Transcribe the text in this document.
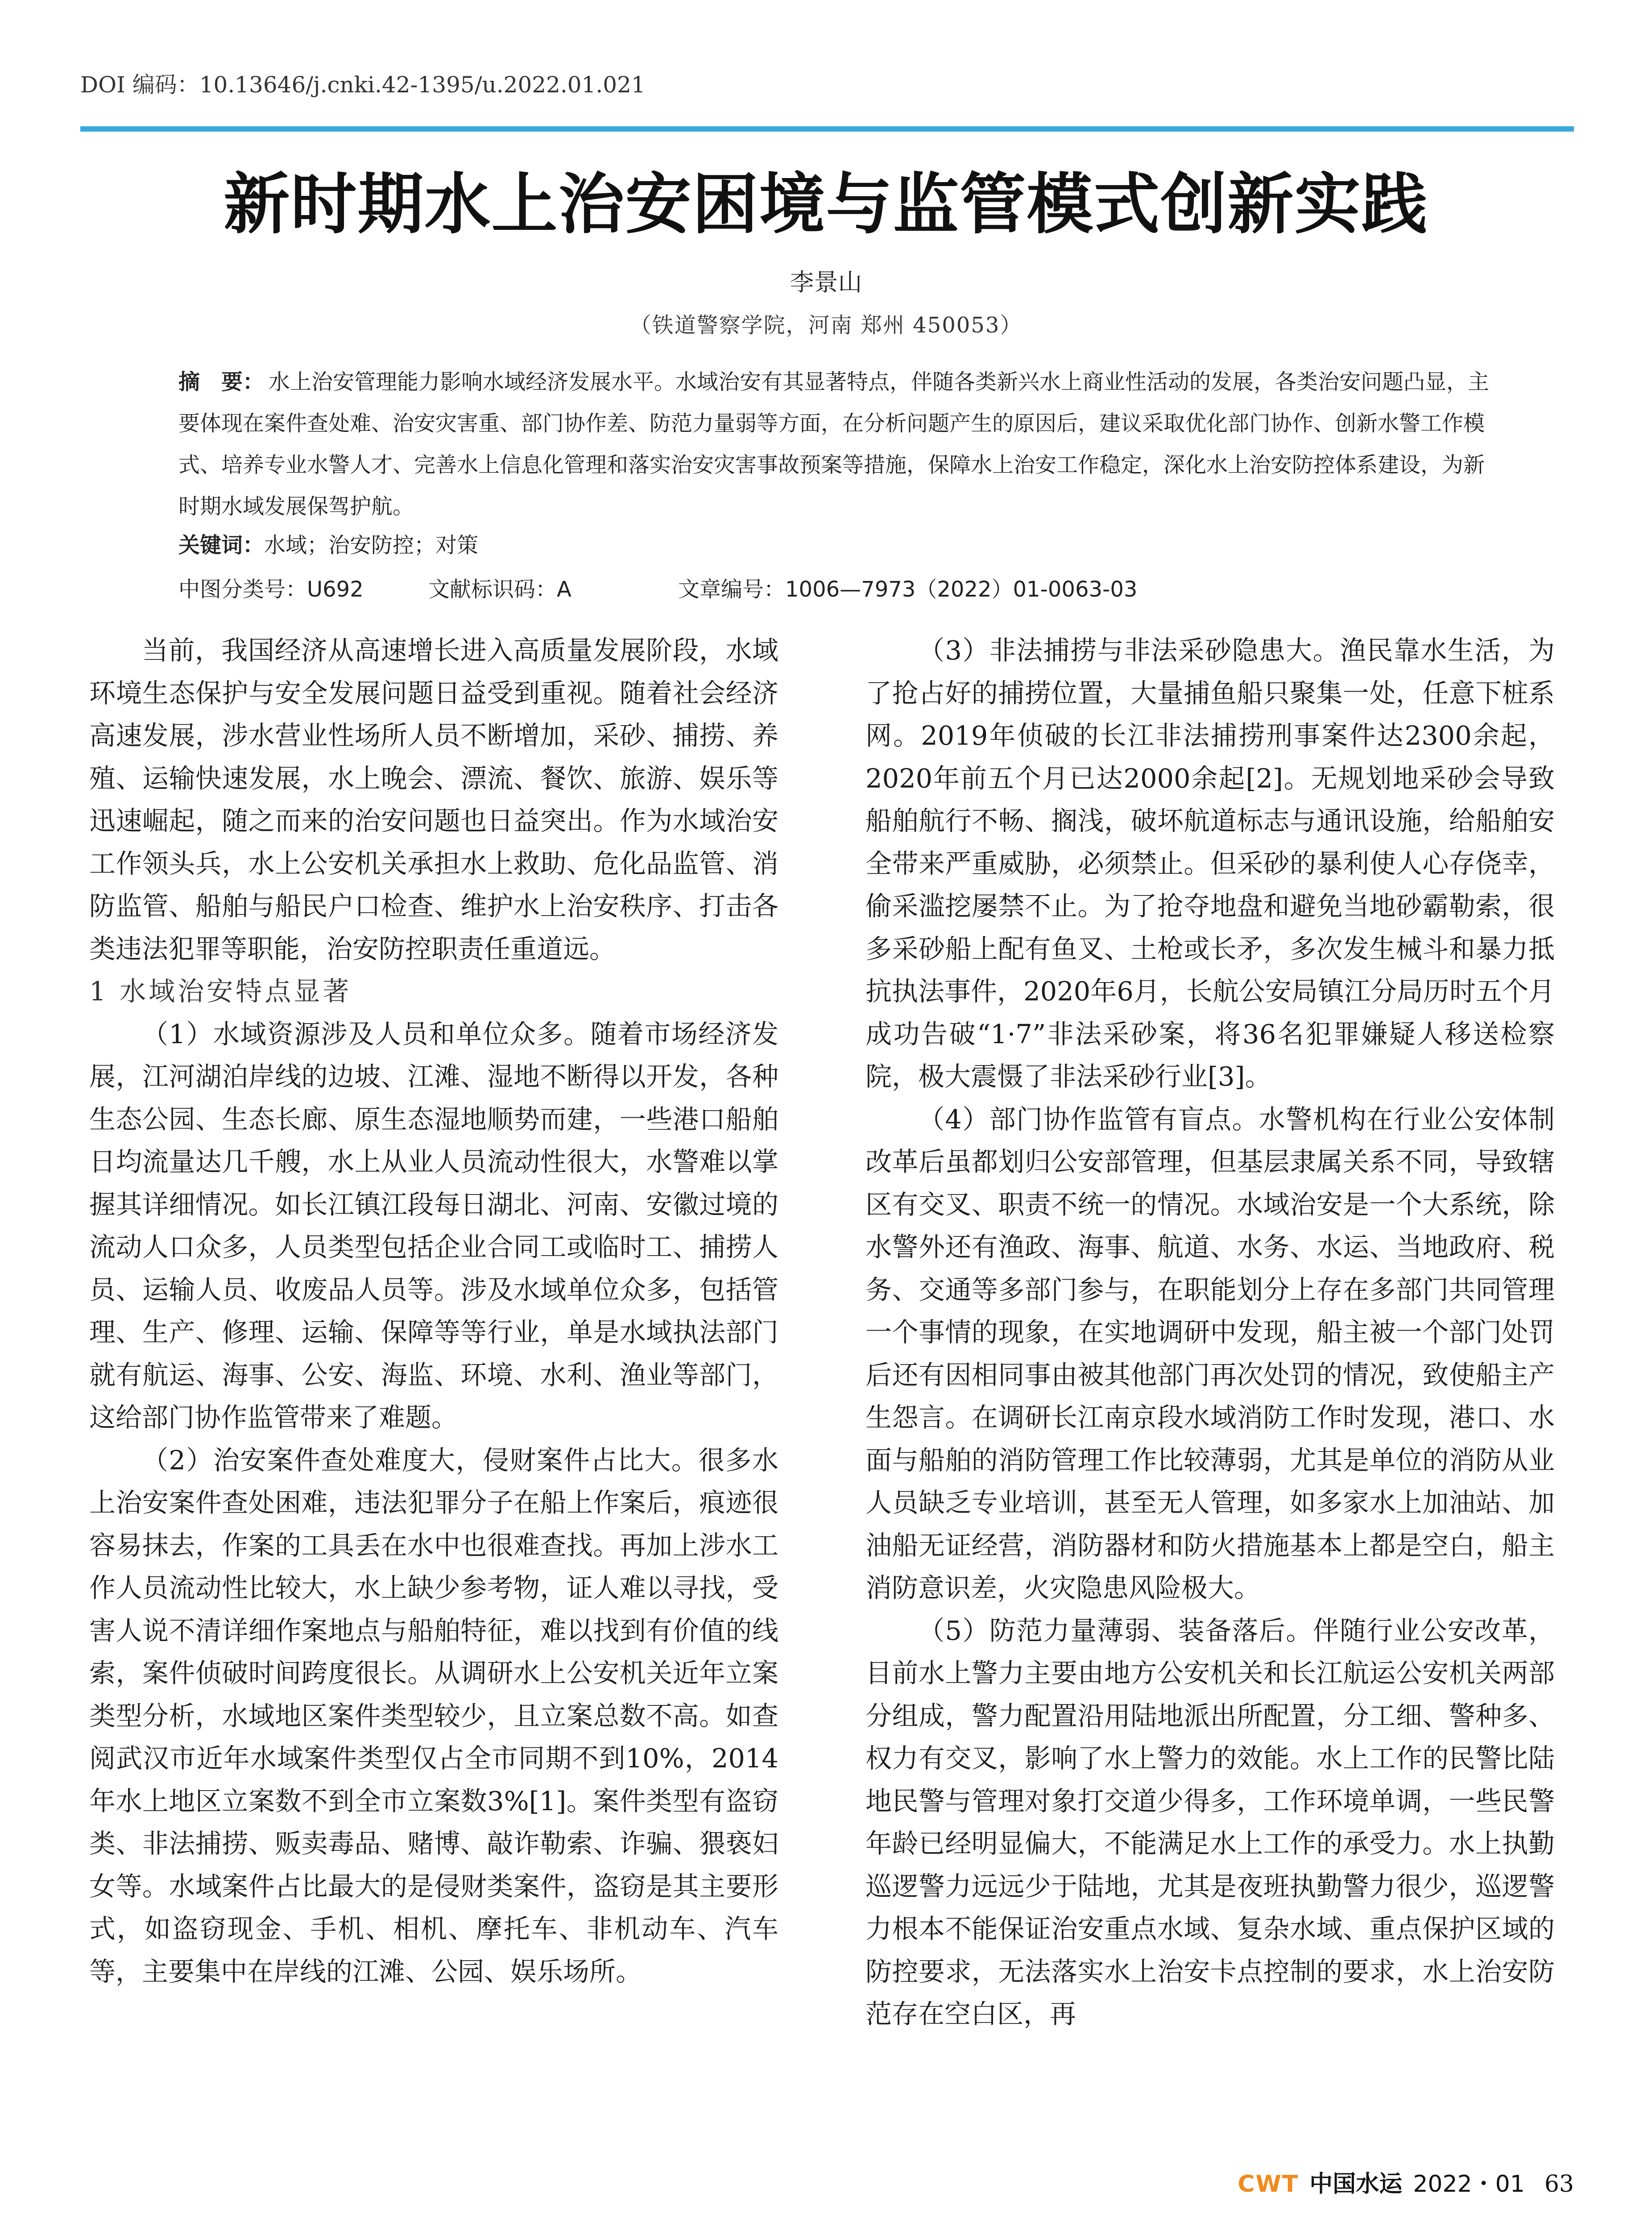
DOI 编码：10.13646/j.cnki.42-1395/u.2022.01.021
新时期水上治安困境与监管模式创新实践
李景山
（铁道警察学院，河南 郑州 450053）
摘　要： 水上治安管理能力影响水域经济发展水平。水域治安有其显著特点，伴随各类新兴水上商业性活动的发展，各类治安问题凸显，主要体现在案件查处难、治安灾害重、部门协作差、防范力量弱等方面，在分析问题产生的原因后，建议采取优化部门协作、创新水警工作模式、培养专业水警人才、完善水上信息化管理和落实治安灾害事故预案等措施，保障水上治安工作稳定，深化水上治安防控体系建设，为新时期水域发展保驾护航。
关键词：水域；治安防控；对策
中图分类号：U692	文献标识码：A	文章编号：1006—7973（2022）01-0063-03

当前，我国经济从高速增长进入高质量发展阶段，水域环境生态保护与安全发展问题日益受到重视。随着社会经济高速发展，涉水营业性场所人员不断增加，采砂、捕捞、养殖、运输快速发展，水上晚会、漂流、餐饮、旅游、娱乐等迅速崛起，随之而来的治安问题也日益突出。作为水域治安工作领头兵，水上公安机关承担水上救助、危化品监管、消防监管、船舶与船民户口检查、维护水上治安秩序、打击各类违法犯罪等职能，治安防控职责任重道远。

1 水域治安特点显著

（1）水域资源涉及人员和单位众多。随着市场经济发展，江河湖泊岸线的边坡、江滩、湿地不断得以开发，各种生态公园、生态长廊、原生态湿地顺势而建，一些港口船舶日均流量达几千艘，水上从业人员流动性很大，水警难以掌握其详细情况。如长江镇江段每日湖北、河南、安徽过境的流动人口众多，人员类型包括企业合同工或临时工、捕捞人员、运输人员、收废品人员等。涉及水域单位众多，包括管理、生产、修理、运输、保障等等行业，单是水域执法部门就有航运、海事、公安、海监、环境、水利、渔业等部门，这给部门协作监管带来了难题。

（2）治安案件查处难度大，侵财案件占比大。很多水上治安案件查处困难，违法犯罪分子在船上作案后，痕迹很容易抹去，作案的工具丢在水中也很难查找。再加上涉水工作人员流动性比较大，水上缺少参考物，证人难以寻找，受害人说不清详细作案地点与船舶特征，难以找到有价值的线索，案件侦破时间跨度很长。从调研水上公安机关近年立案类型分析，水域地区案件类型较少，且立案总数不高。如查阅武汉市近年水域案件类型仅占全市同期不到10%，2014年水上地区立案数不到全市立案数3%[1]。案件类型有盗窃类、非法捕捞、贩卖毒品、赌博、敲诈勒索、诈骗、猥亵妇女等。水域案件占比最大的是侵财类案件，盗窃是其主要形式，如盗窃现金、手机、相机、摩托车、非机动车、汽车等，主要集中在岸线的江滩、公园、娱乐场所。

（3）非法捕捞与非法采砂隐患大。渔民靠水生活，为了抢占好的捕捞位置，大量捕鱼船只聚集一处，任意下桩系网。2019年侦破的长江非法捕捞刑事案件达2300余起，2020年前五个月已达2000余起[2]。无规划地采砂会导致船舶航行不畅、搁浅，破坏航道标志与通讯设施，给船舶安全带来严重威胁，必须禁止。但采砂的暴利使人心存侥幸，偷采滥挖屡禁不止。为了抢夺地盘和避免当地砂霸勒索，很多采砂船上配有鱼叉、土枪或长矛，多次发生械斗和暴力抵抗执法事件，2020年6月，长航公安局镇江分局历时五个月成功告破“1·7”非法采砂案，将36名犯罪嫌疑人移送检察院，极大震慑了非法采砂行业[3]。

（4）部门协作监管有盲点。水警机构在行业公安体制改革后虽都划归公安部管理，但基层隶属关系不同，导致辖区有交叉、职责不统一的情况。水域治安是一个大系统，除水警外还有渔政、海事、航道、水务、水运、当地政府、税务、交通等多部门参与，在职能划分上存在多部门共同管理一个事情的现象，在实地调研中发现，船主被一个部门处罚后还有因相同事由被其他部门再次处罚的情况，致使船主产生怨言。在调研长江南京段水域消防工作时发现，港口、水面与船舶的消防管理工作比较薄弱，尤其是单位的消防从业人员缺乏专业培训，甚至无人管理，如多家水上加油站、加油船无证经营，消防器材和防火措施基本上都是空白，船主消防意识差，火灾隐患风险极大。

（5）防范力量薄弱、装备落后。伴随行业公安改革，目前水上警力主要由地方公安机关和长江航运公安机关两部分组成，警力配置沿用陆地派出所配置，分工细、警种多、权力有交叉，影响了水上警力的效能。水上工作的民警比陆地民警与管理对象打交道少得多，工作环境单调，一些民警年龄已经明显偏大，不能满足水上工作的承受力。水上执勤巡逻警力远远少于陆地，尤其是夜班执勤警力很少，巡逻警力根本不能保证治安重点水域、复杂水域、重点保护区域的防控要求，无法落实水上治安卡点控制的要求，水上治安防范存在空白区，再

CWT 中国水运 2022・01 63
